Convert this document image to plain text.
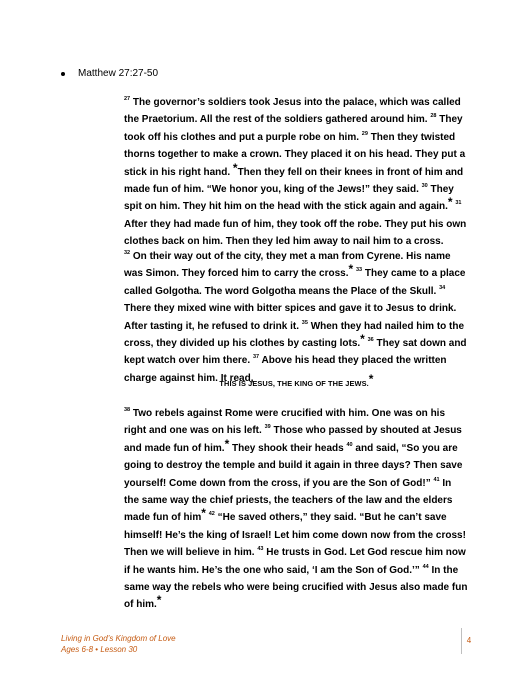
Matthew 27:27-50

$^{27}$ The governor’s soldiers took Jesus into the palace, which was called the Praetorium. All the rest of the soldiers gathered around him. $^{28}$ They took off his clothes and put a purple robe on him. $^{29}$ Then they twisted thorns together to make a crown. They placed it on his head. They put a stick in his right hand. *Then they fell on their knees in front of him and made fun of him. “We honor you, king of the Jews!” they said. $^{30}$ They spit on him. They hit him on the head with the stick again and again.* $^{31}$ After they had made fun of him, they took off the robe. They put his own clothes back on him. Then they led him away to nail him to a cross.

$^{32}$ On their way out of the city, they met a man from Cyrene. His name was Simon. They forced him to carry the cross.* $^{33}$ They came to a place called Golgotha. The word Golgotha means the Place of the Skull. $^{34}$ There they mixed wine with bitter spices and gave it to Jesus to drink. After tasting it, he refused to drink it. $^{35}$ When they had nailed him to the cross, they divided up his clothes by casting lots.* $^{36}$ They sat down and kept watch over him there. $^{37}$ Above his head they placed the written charge against him. It read,

THIS IS JESUS, THE KING OF THE JEWS.*

$^{38}$ Two rebels against Rome were crucified with him. One was on his right and one was on his left. $^{39}$ Those who passed by shouted at Jesus and made fun of him.* They shook their heads $^{40}$ and said, “So you are going to destroy the temple and build it again in three days? Then save yourself! Come down from the cross, if you are the Son of God!” $^{41}$ In the same way the chief priests, the teachers of the law and the elders made fun of him* $^{42}$ “He saved others,” they said. “But he can’t save himself! He’s the king of Israel! Let him come down now from the cross! Then we will believe in him. $^{43}$ He trusts in God. Let God rescue him now if he wants him. He’s the one who said, ‘I am the Son of God.’” $^{44}$ In the same way the rebels who were being crucified with Jesus also made fun of him.*

Living in God’s Kingdom of Love
Ages 6-8 • Lesson 30
4
